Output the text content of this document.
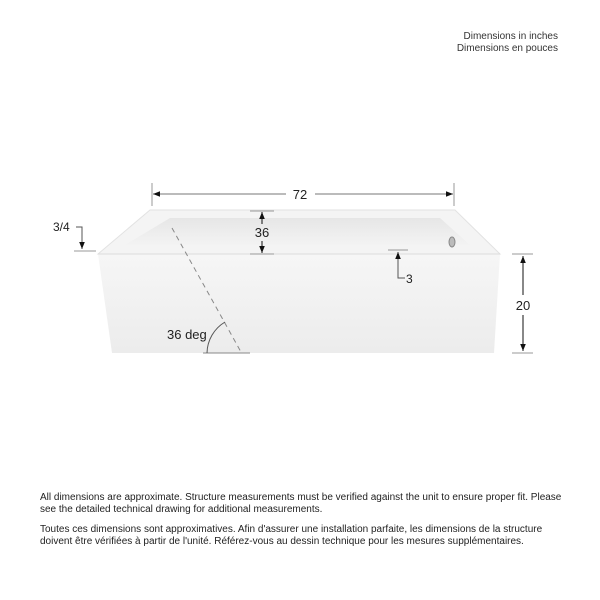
Dimensions in inches
Dimensions en pouces
72
36
3/4
3
20
36 deg

All dimensions are approximate. Structure measurements must be verified against the unit to ensure proper fit. Please see the detailed technical drawing for additional measurements.

Toutes ces dimensions sont approximatives. Afin d'assurer une installation parfaite, les dimensions de la structure doivent être vérifiées à partir de l'unité. Référez-vous au dessin technique pour les mesures supplémentaires.
